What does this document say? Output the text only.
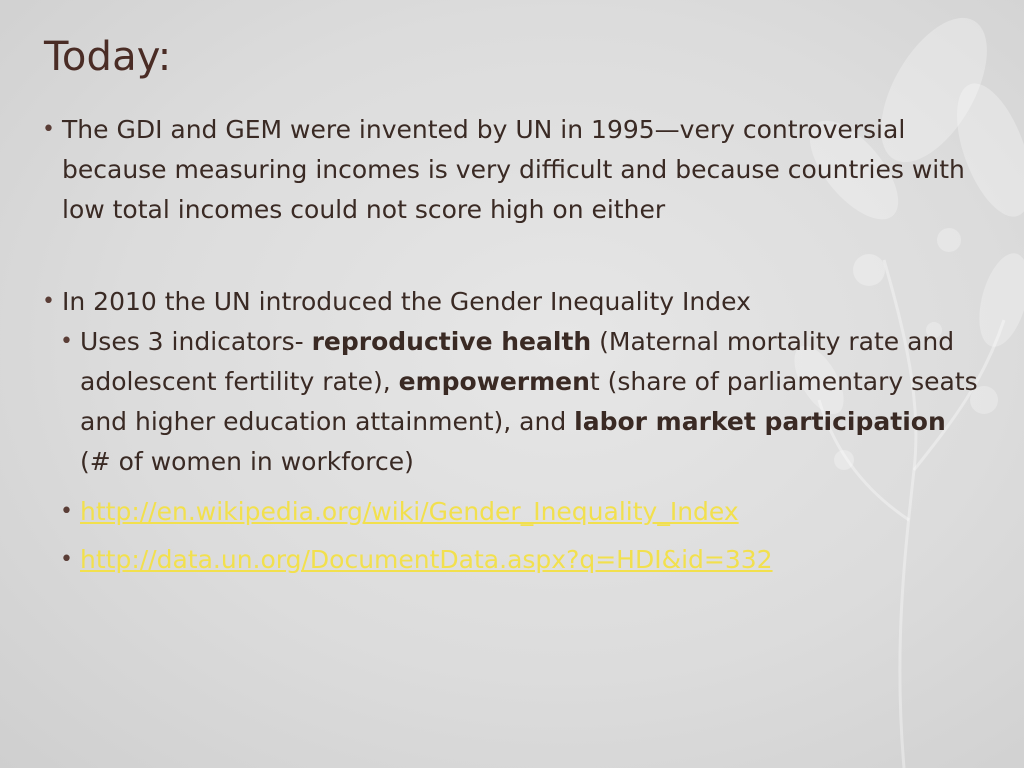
Today:

• The GDI and GEM were invented by UN in 1995—very controversial because measuring incomes is very difficult and because countries with low total incomes could not score high on either

• In 2010 the UN introduced the Gender Inequality Index

• Uses 3 indicators- reproductive health (Maternal mortality rate and adolescent fertility rate), empowerment (share of parliamentary seats and higher education attainment), and labor market participation (# of women in workforce)

• http://en.wikipedia.org/wiki/Gender_Inequality_Index

• http://data.un.org/DocumentData.aspx?q=HDI&id=332
